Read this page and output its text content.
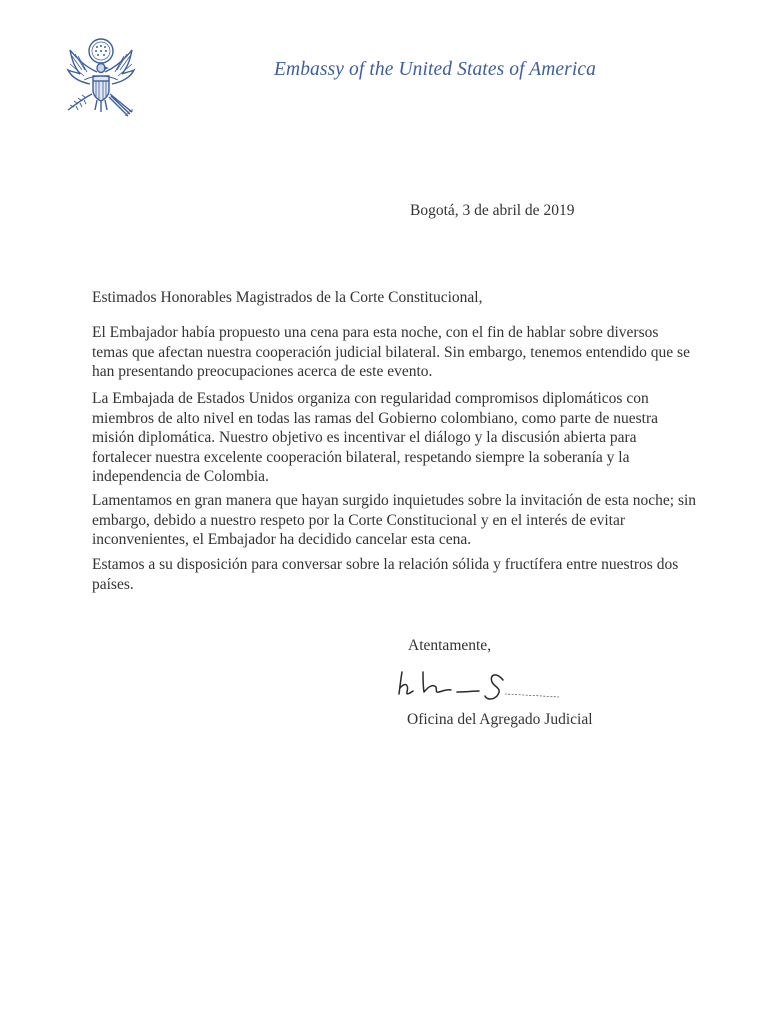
Embassy of the United States of America
Bogotá, 3 de abril de 2019
Estimados Honorables Magistrados de la Corte Constitucional,
El Embajador había propuesto una cena para esta noche, con el fin de hablar sobre diversos
temas que afectan nuestra cooperación judicial bilateral. Sin embargo, tenemos entendido que se
han presentando preocupaciones acerca de este evento.
La Embajada de Estados Unidos organiza con regularidad compromisos diplomáticos con
miembros de alto nivel en todas las ramas del Gobierno colombiano, como parte de nuestra
misión diplomática. Nuestro objetivo es incentivar el diálogo y la discusión abierta para
fortalecer nuestra excelente cooperación bilateral, respetando siempre la soberanía y la
independencia de Colombia.
Lamentamos en gran manera que hayan surgido inquietudes sobre la invitación de esta noche; sin
embargo, debido a nuestro respeto por la Corte Constitucional y en el interés de evitar
inconvenientes, el Embajador ha decidido cancelar esta cena.
Estamos a su disposición para conversar sobre la relación sólida y fructífera entre nuestros dos
países.
Atentamente,
Oficina del Agregado Judicial
